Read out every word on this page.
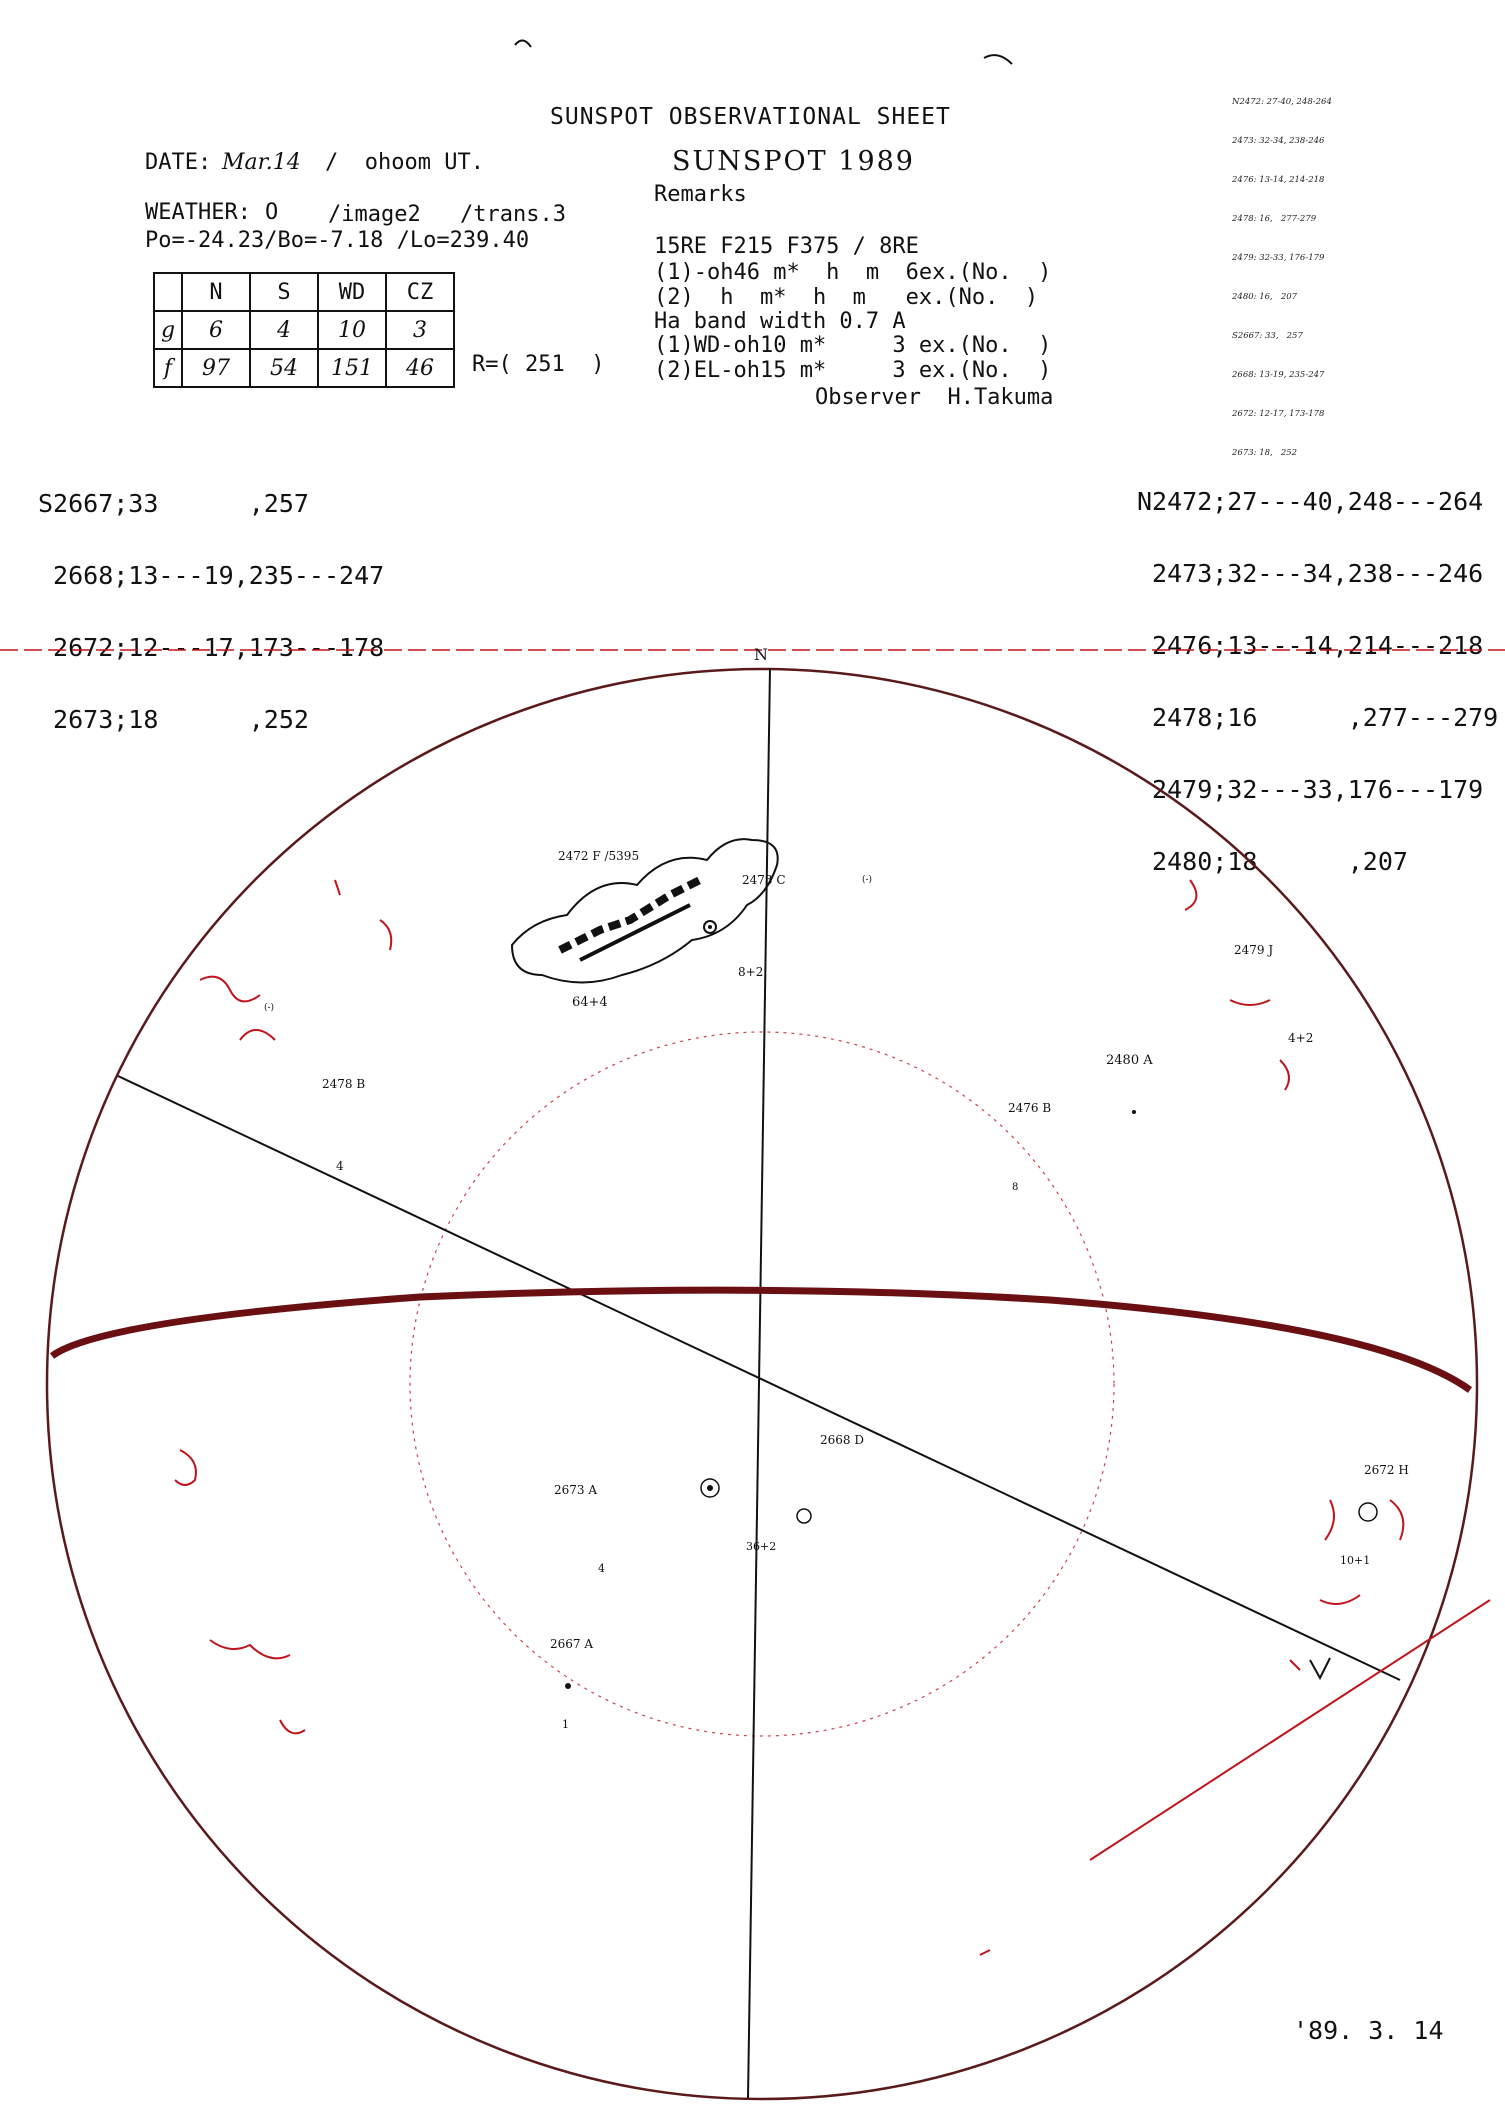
SUNSPOT OBSERVATIONAL SHEET
SUNSPOT 1989
Remarks
DATE: Mar.14 /  ohoom UT.
WEATHER: O /image2 /trans.3
Po=-24.23/Bo=-7.18 /Lo=239.40
	N	S	WD	CZ
g	6	4	10	3
f	97	54	151	46 R=( 251  )
15RE F215 F375 / 8RE
(1)-oh46 m*  h  m  6ex.(No.  )
(2)  h  m*  h  m   ex.(No.  )
Ha band width 0.7 A
(1)WD-oh10 m*     3 ex.(No.  )
(2)EL-oh15 m*     3 ex.(No.  )
Observer  H.Takuma

S2667;33      ,257

2668;13---19,235---247

2672;12---17,173---178

2673;18      ,252

N2472;27---40,248---264

2473;32---34,238---246

2476;13---14,214---218

2478;16      ,277---279

2479;32---33,176---179

2480;18      ,207

N2472: 27-40, 248-264

2473: 32-34, 238-246

2476: 13-14, 214-218

2478: 16,   277-279

2479: 32-33, 176-179

2480: 16,   207

S2667: 33,   257

2668: 13-19, 235-247

2672: 12-17, 173-178

2673: 18,   252

N
2472 F /5395
64+4
2473 C
8+2
(-)
(-)
2479 J
4+2
2480 A
2476 B
8
2478 B
4
2668 D
36+2
2673 A
4
2667 A
1
2672 H
10+1
'89. 3. 14
